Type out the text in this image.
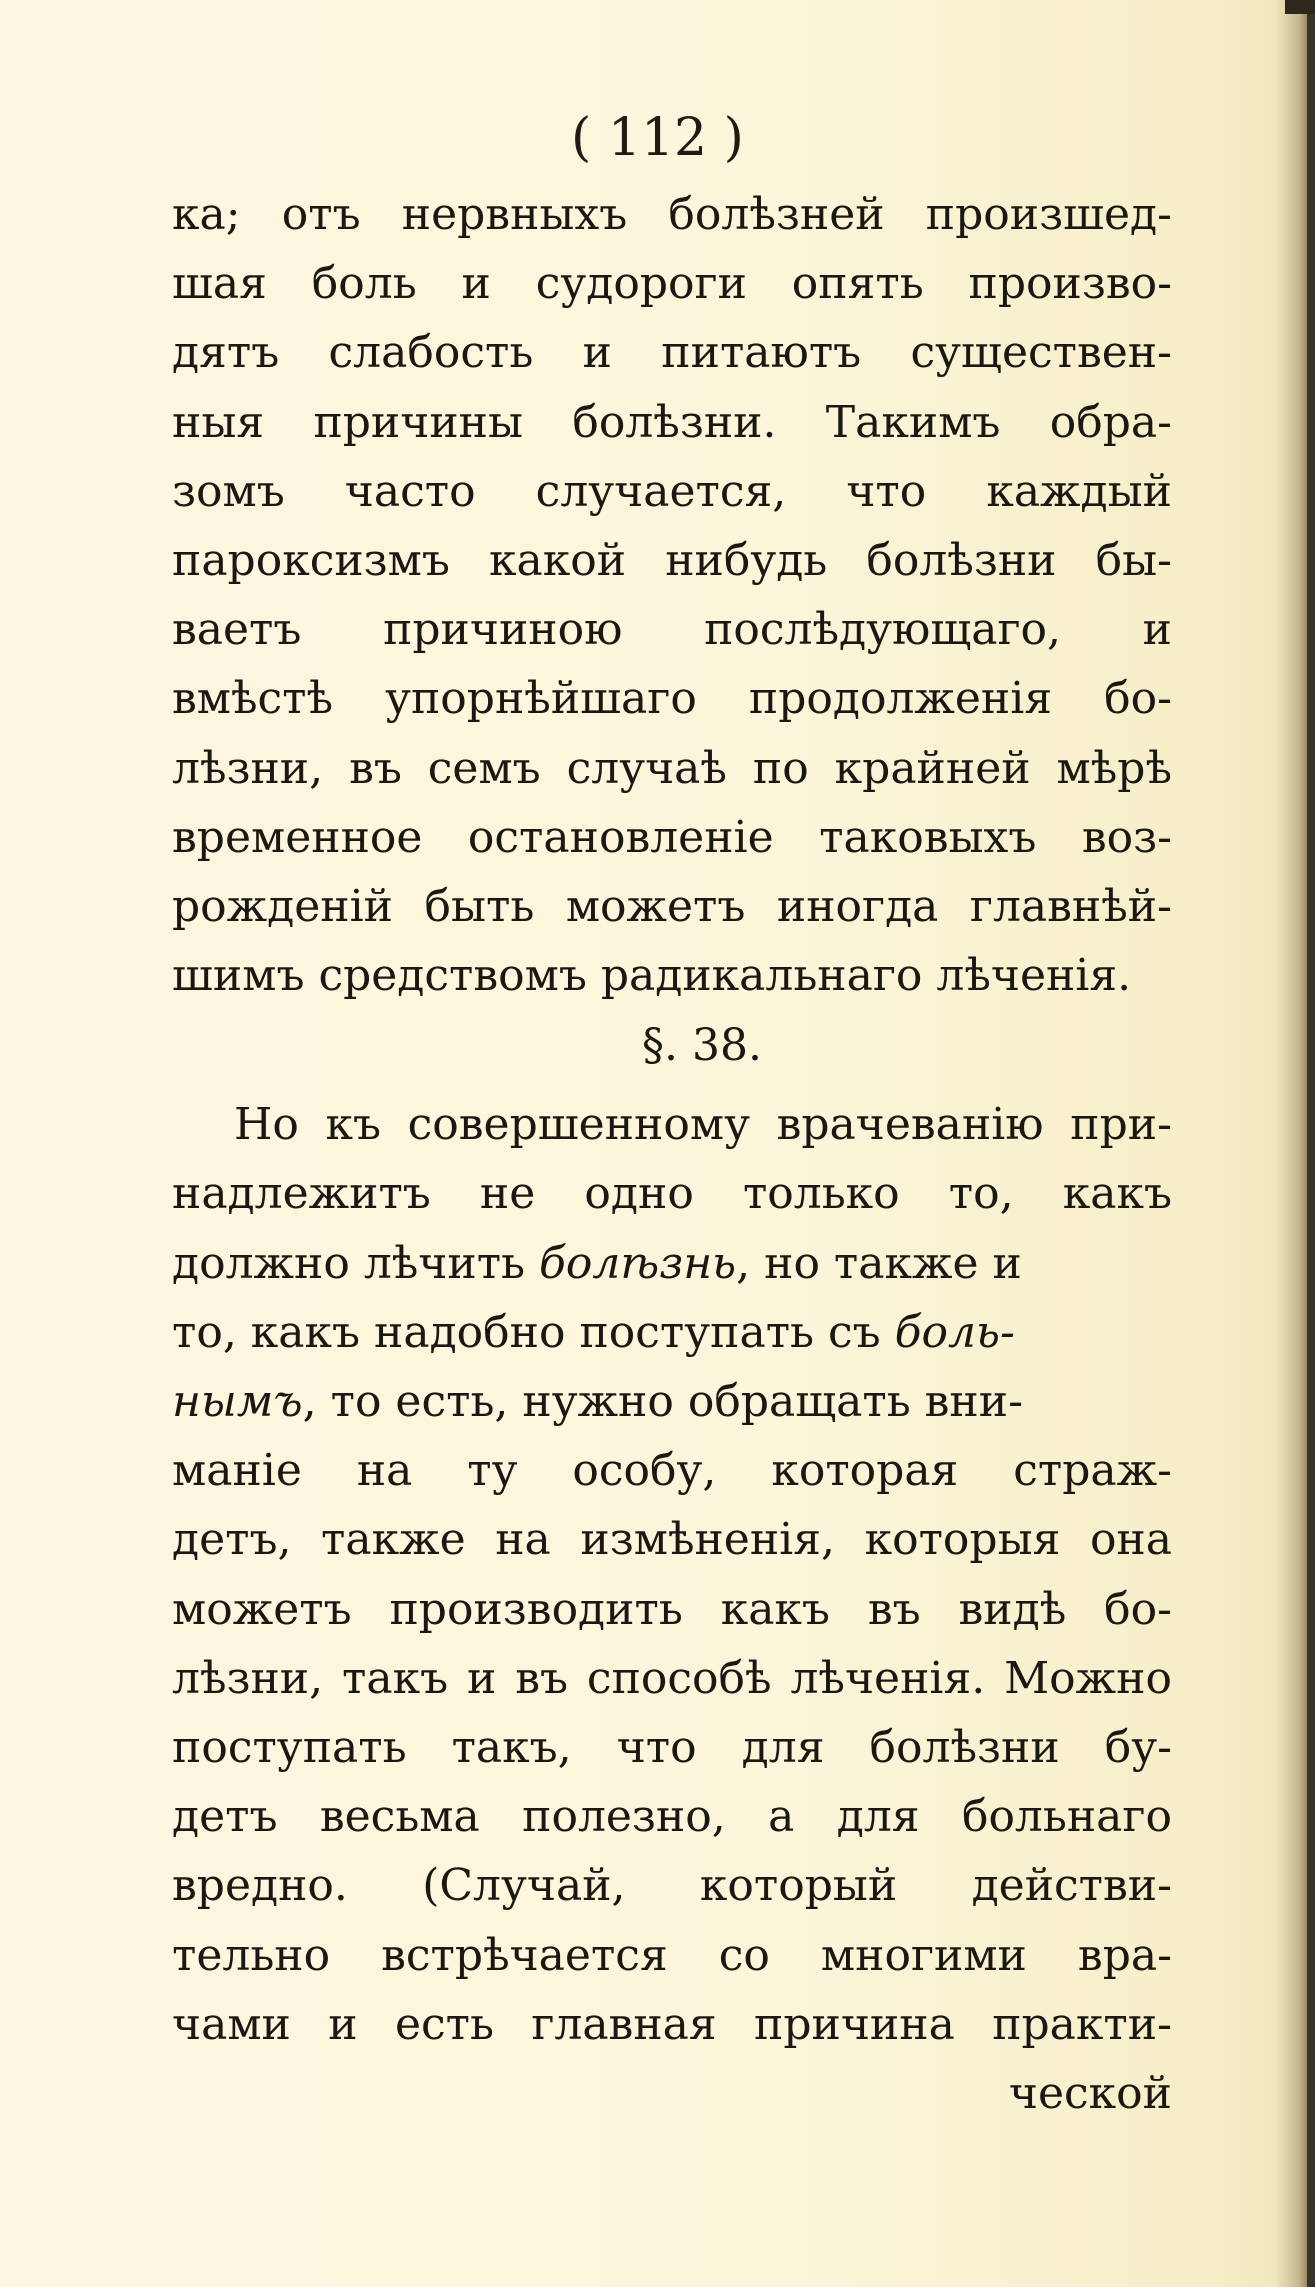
( 112 )
ка; отъ нервныхъ болѣзней произшед-
шая боль и судороги опять произво-
дятъ слабость и питаютъ существен-
ныя причины болѣзни. Такимъ обра-
зомъ часто случается, что каждый
пароксизмъ какой нибудь болѣзни бы-
ваетъ причиною послѣдующаго, и
вмѣстѣ упорнѣйшаго продолженія бо-
лѣзни, въ семъ случаѣ по крайней мѣрѣ
временное остановленіе таковыхъ воз-
рожденій быть можетъ иногда главнѣй-
шимъ средствомъ радикальнаго лѣченія.
§. 38.
Но къ совершенному врачеванію при-
надлежитъ не одно только то, какъ
должно лѣчить болѣзнь, но также и
то, какъ надобно поступать съ боль-
нымъ, то есть, нужно обращать вни-
маніе на ту особу, которая страж-
детъ, также на измѣненія, которыя она
можетъ производить какъ въ видѣ бо-
лѣзни, такъ и въ способѣ лѣченія. Можно
поступать такъ, что для болѣзни бу-
детъ весьма полезно, а для больнаго
вредно. (Случай, который действи-
тельно встрѣчается со многими вра-
чами и есть главная причина практи-
ческой
